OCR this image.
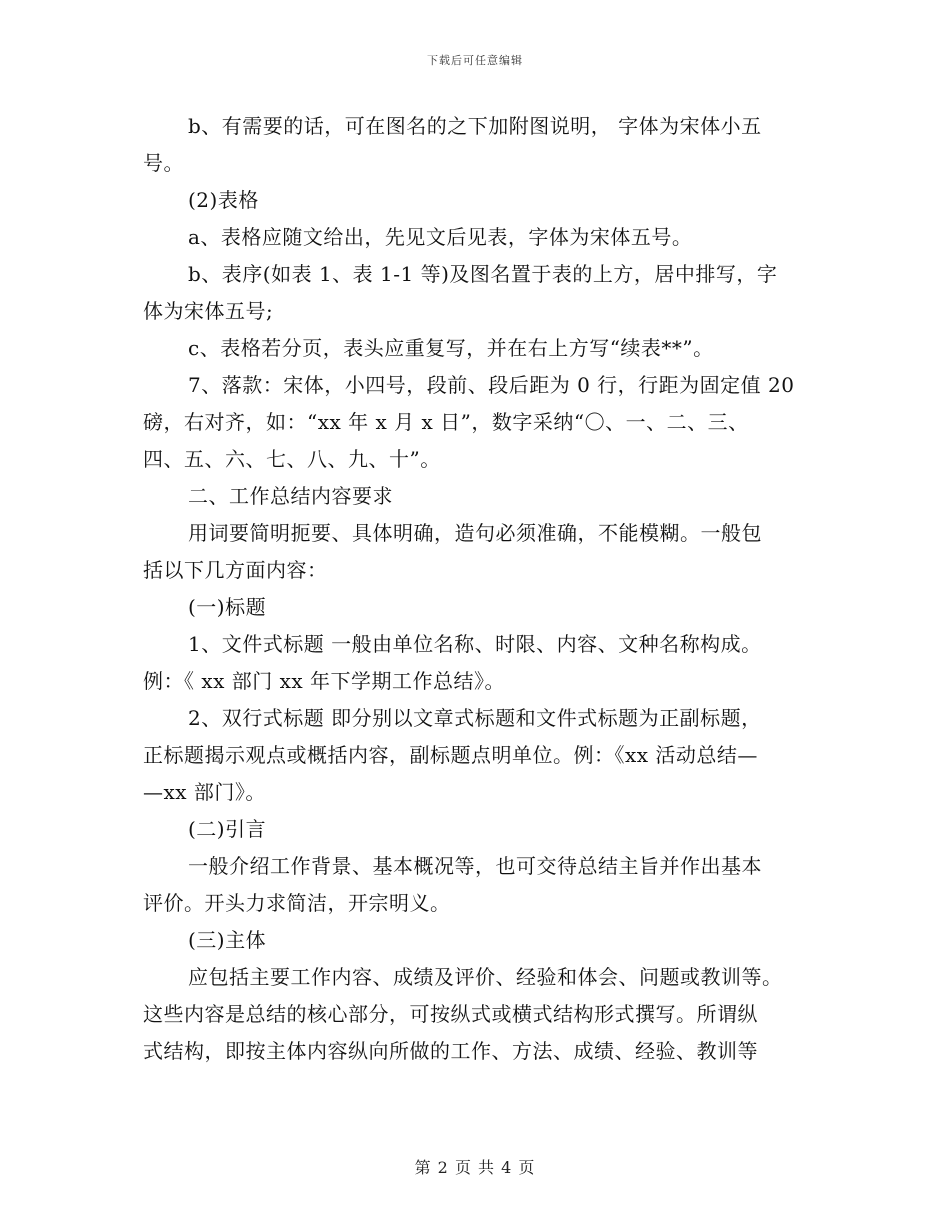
下载后可任意编辑
b、有需要的话，可在图名的之下加附图说明， 字体为宋体小五
号。
(2)表格
a、表格应随文给出，先见文后见表，字体为宋体五号。
b、表序(如表 1、表 1-1 等)及图名置于表的上方，居中排写，字
体为宋体五号;
c、表格若分页，表头应重复写，并在右上方写“续表**”。
7、落款：宋体，小四号，段前、段后距为 0 行，行距为固定值 20
磅，右对齐，如：“xx 年 x 月 x 日”，数字采纳“〇、一、二、三、
四、五、六、七、八、九、十”。
二、工作总结内容要求
用词要简明扼要、具体明确，造句必须准确，不能模糊。一般包
括以下几方面内容：
(一)标题
1、文件式标题 一般由单位名称、时限、内容、文种名称构成。
例：《 xx 部门 xx 年下学期工作总结》。
2、双行式标题 即分别以文章式标题和文件式标题为正副标题，
正标题揭示观点或概括内容，副标题点明单位。例：《xx 活动总结—
—xx 部门》。
(二)引言
一般介绍工作背景、基本概况等，也可交待总结主旨并作出基本
评价。开头力求简洁，开宗明义。
(三)主体
应包括主要工作内容、成绩及评价、经验和体会、问题或教训等。
这些内容是总结的核心部分，可按纵式或横式结构形式撰写。所谓纵
式结构，即按主体内容纵向所做的工作、方法、成绩、经验、教训等
第 2 页 共 4 页
